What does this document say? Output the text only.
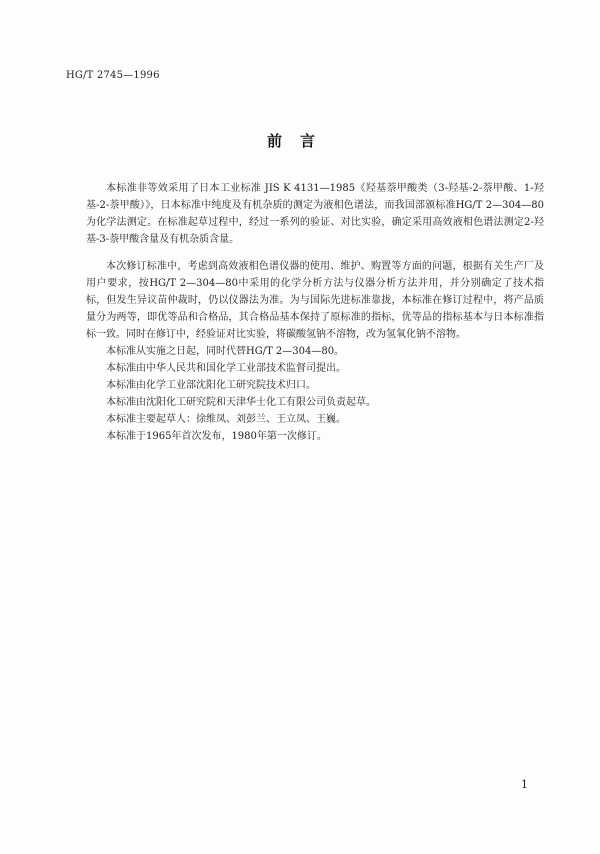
HG/T 2745—1996
前言

本标准非等效采用了日本工业标准 JIS K 4131—1985《羟基萘甲酸类（3-羟基-2-萘甲酸、1-羟基-2-萘甲酸）》，日本标准中纯度及有机杂质的测定为液相色谱法，而我国部颁标准HG/T 2—304—80为化学法测定。在标准起草过程中，经过一系列的验证、对比实验，确定采用高效液相色谱法测定2-羟基-3-萘甲酸含量及有机杂质含量。

本次修订标准中，考虑到高效液相色谱仪器的使用、维护、购置等方面的问题，根据有关生产厂及用户要求，按HG/T 2—304—80中采用的化学分析方法与仪器分析方法并用，并分别确定了技术指标，但发生异议苗仲裁时，仍以仪器法为准。为与国际先进标准靠拢，本标准在修订过程中，将产品质量分为两等，即优等品和合格品，其合格品基本保持了原标准的指标，优等品的指标基本与日本标准指标一致。同时在修订中，经验证对比实验，将碳酸氢钠不溶物，改为氢氧化钠不溶物。

本标准从实施之日起，同时代替HG/T 2—304—80。

本标准由中华人民共和国化学工业部技术监督司提出。

本标准由化学工业部沈阳化工研究院技术归口。

本标准由沈阳化工研究院和天津华士化工有限公司负责起草。

本标准主要起草人：徐维凤、刘彭兰、王立凤、王巍。

本标准于1965年首次发布，1980年第一次修订。

1
